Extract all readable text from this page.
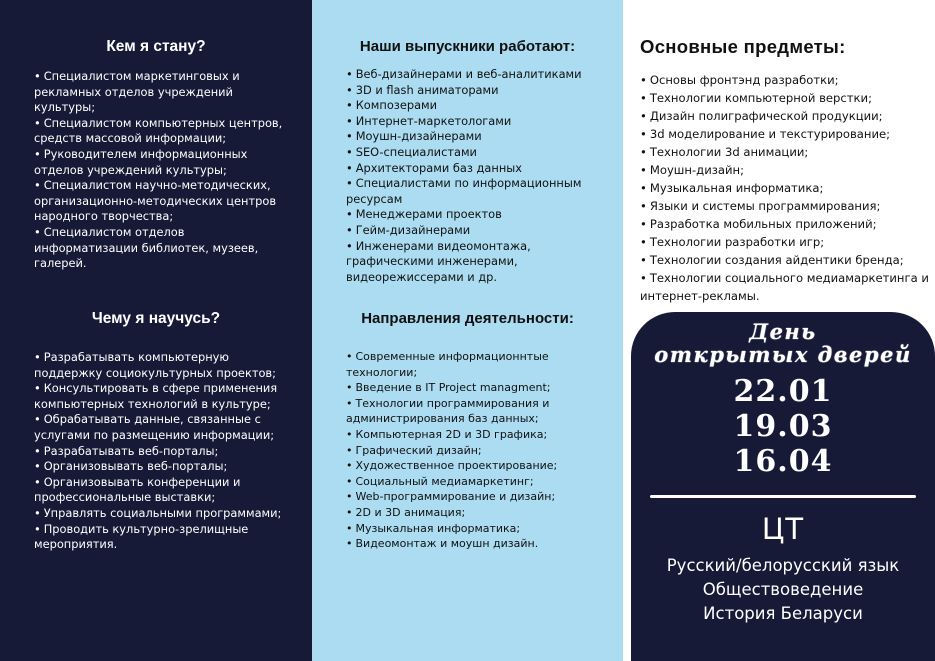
Кем я стану?
• Специалистом маркетинговых и рекламных отделов учреждений культуры;
• Специалистом компьютерных центров, средств массовой информации;
• Руководителем информационных отделов учреждений культуры;
• Специалистом научно-методических, организационно-методических центров народного творчества;
• Специалистом отделов информатизации библиотек, музеев, галерей.
Чему я научусь?
• Разрабатывать компьютерную поддержку социокультурных проектов;
• Консультировать в сфере применения компьютерных технологий в культуре;
• Обрабатывать данные, связанные с услугами по размещению информации;
• Разрабатывать веб-порталы;
• Организовывать веб-порталы;
• Организовывать конференции и профессиональные выставки;
• Управлять социальными программами;
• Проводить культурно-зрелищные мероприятия.
Наши выпускники работают:
• Веб-дизайнерами и веб-аналитиками
• 3D и flash аниматорами
• Композерами
• Интернет-маркетологами
• Моушн-дизайнерами
• SEO-специалистами
• Архитекторами баз данных
• Специалистами по информационным ресурсам
• Менеджерами проектов
• Гейм-дизайнерами
• Инженерами видеомонтажа, графическими инженерами, видеорежиссерами и др.
Направления деятельности:
• Современные информационнтые технологии;
• Введение в IT Project managment;
• Технологии программирования и администрирования баз данных;
• Компьютерная 2D и 3D графика;
• Графический дизайн;
• Художественное проектирование;
• Социальный медиамаркетинг;
• Web-программирование и дизайн;
• 2D и 3D анимация;
• Музыкальная информатика;
• Видеомонтаж и моушн дизайн.
Основные предметы:
• Основы фронтэнд разработки;
• Технологии компьютерной верстки;
• Дизайн полиграфической продукции;
• 3d моделирование и текстурирование;
• Технологии 3d анимации;
• Моушн-дизайн;
• Музыкальная информатика;
• Языки и системы программирования;
• Разработка мобильных приложений;
• Технологии разработки игр;
• Технологии создания айдентики бренда;
• Технологии социального медиамаркетинга и интернет-рекламы.
День
открытых дверей
22.01
19.03
16.04
ЦТ
Русский/белорусский язык
Обществоведение
История Беларуси
